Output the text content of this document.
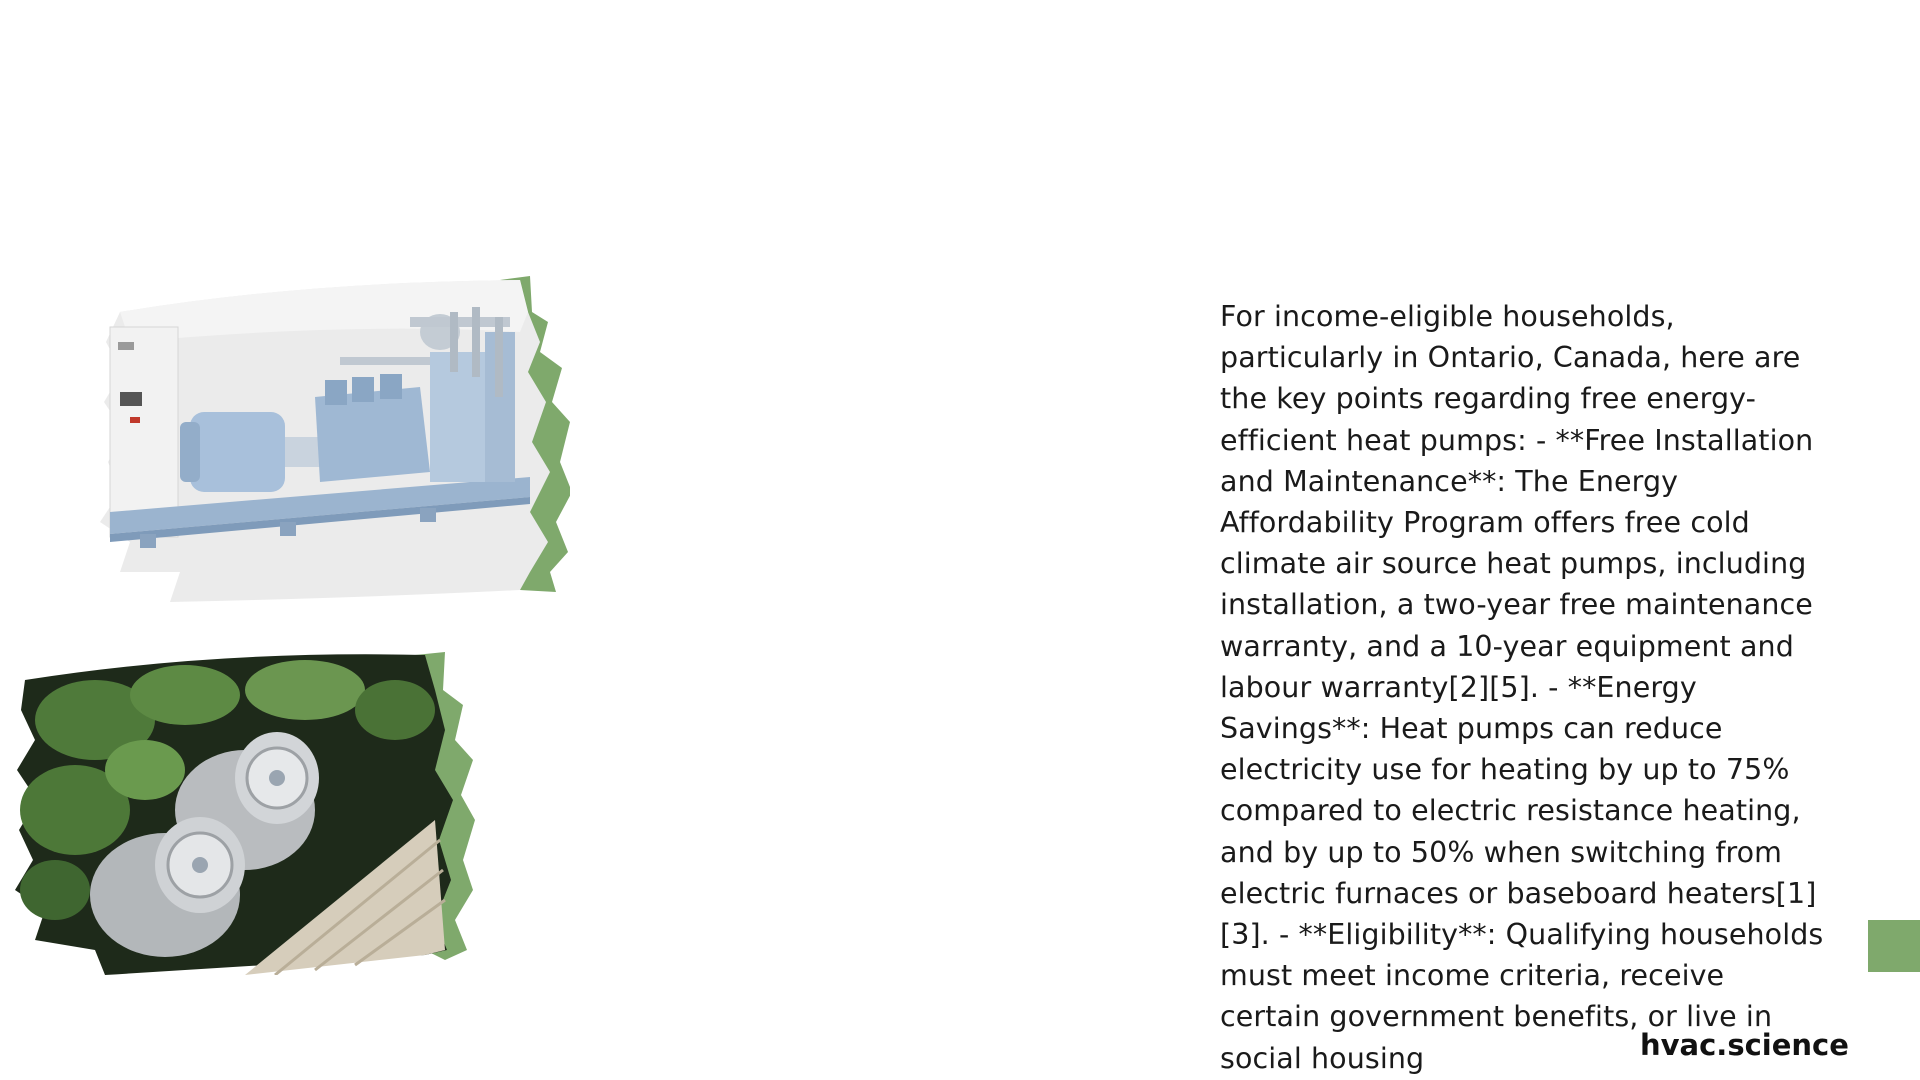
For income-eligible households, particularly in Ontario, Canada, here are the key points regarding free energy-efficient heat pumps: - **Free Installation and Maintenance**: The Energy Affordability Program offers free cold climate air source heat pumps, including installation, a two-year free maintenance warranty, and a 10-year equipment and labour warranty[2][5]. - **Energy Savings**: Heat pumps can reduce electricity use for heating by up to 75% compared to electric resistance heating, and by up to 50% when switching from electric furnaces or baseboard heaters[1][3]. - **Eligibility**: Qualifying households must meet income criteria, receive certain government benefits, or live in social housing	hvac.science
